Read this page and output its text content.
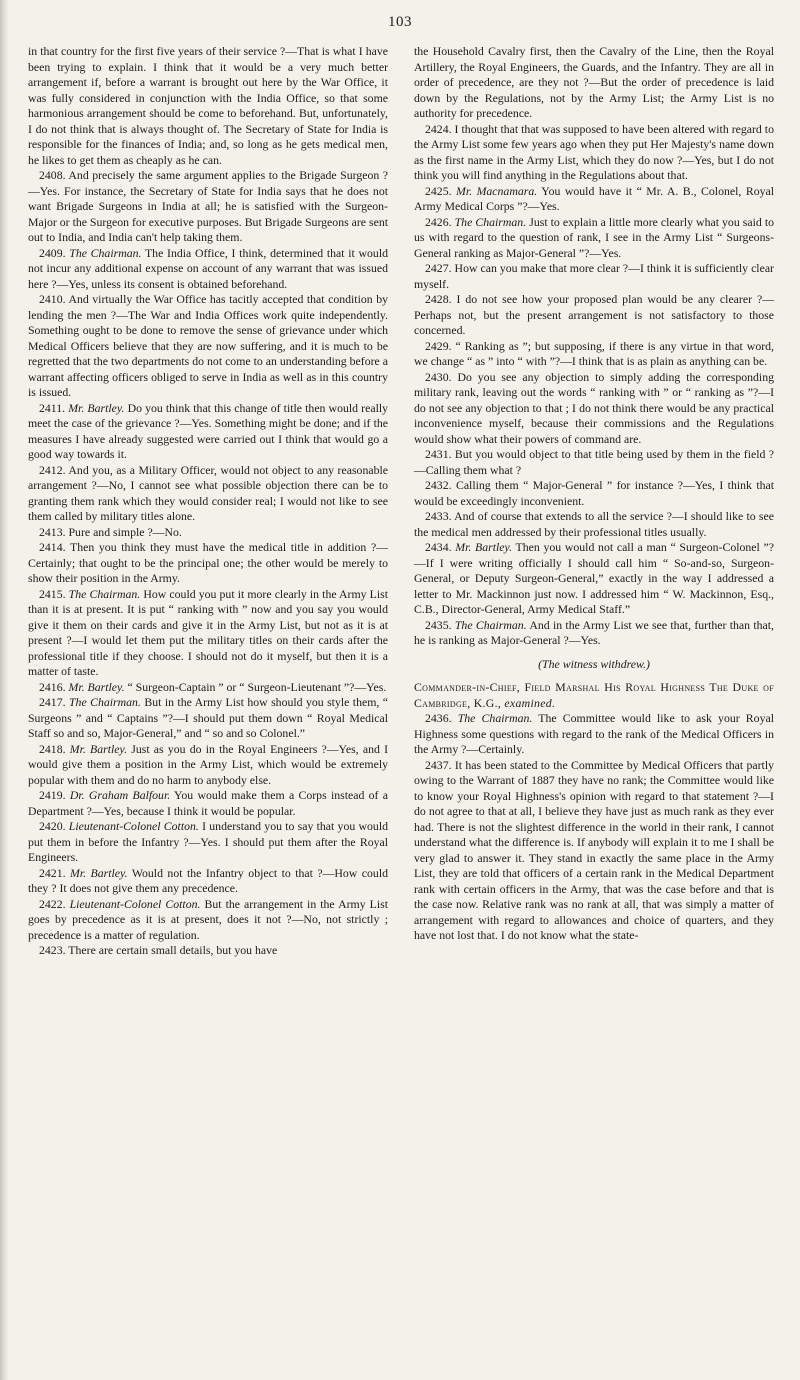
103

in that country for the first five years of their service ?—That is what I have been trying to explain. I think that it would be a very much better arrangement if, before a warrant is brought out here by the War Office, it was fully considered in conjunction with the India Office, so that some harmonious arrangement should be come to beforehand. But, unfortunately, I do not think that is always thought of. The Secretary of State for India is responsible for the finances of India; and, so long as he gets medical men, he likes to get them as cheaply as he can.

2408. And precisely the same argument applies to the Brigade Surgeon ?—Yes. For instance, the Secretary of State for India says that he does not want Brigade Surgeons in India at all; he is satisfied with the Surgeon-Major or the Surgeon for executive purposes. But Brigade Surgeons are sent out to India, and India can't help taking them.

2409. The Chairman. The India Office, I think, determined that it would not incur any additional expense on account of any warrant that was issued here ?—Yes, unless its consent is obtained beforehand.

2410. And virtually the War Office has tacitly accepted that condition by lending the men ?—The War and India Offices work quite independently. Something ought to be done to remove the sense of grievance under which Medical Officers believe that they are now suffering, and it is much to be regretted that the two departments do not come to an understanding before a warrant affecting officers obliged to serve in India as well as in this country is issued.

2411. Mr. Bartley. Do you think that this change of title then would really meet the case of the grievance ?—Yes. Something might be done; and if the measures I have already suggested were carried out I think that would go a good way towards it.

2412. And you, as a Military Officer, would not object to any reasonable arrangement ?—No, I cannot see what possible objection there can be to granting them rank which they would consider real; I would not like to see them called by military titles alone.

2413. Pure and simple ?—No.

2414. Then you think they must have the medical title in addition ?—Certainly; that ought to be the principal one; the other would be merely to show their position in the Army.

2415. The Chairman. How could you put it more clearly in the Army List than it is at present. It is put “ ranking with ” now and you say you would give it them on their cards and give it in the Army List, but not as it is at present ?—I would let them put the military titles on their cards after the professional title if they choose. I should not do it myself, but then it is a matter of taste.

2416. Mr. Bartley. “ Surgeon-Captain ” or “ Surgeon-Lieutenant ”?—Yes.

2417. The Chairman. But in the Army List how should you style them, “ Surgeons ” and “ Captains ”?—I should put them down “ Royal Medical Staff so and so, Major-General,” and “ so and so Colonel.”

2418. Mr. Bartley. Just as you do in the Royal Engineers ?—Yes, and I would give them a position in the Army List, which would be extremely popular with them and do no harm to anybody else.

2419. Dr. Graham Balfour. You would make them a Corps instead of a Department ?—Yes, because I think it would be popular.

2420. Lieutenant-Colonel Cotton. I understand you to say that you would put them in before the Infantry ?—Yes. I should put them after the Royal Engineers.

2421. Mr. Bartley. Would not the Infantry object to that ?—How could they ? It does not give them any precedence.

2422. Lieutenant-Colonel Cotton. But the arrangement in the Army List goes by precedence as it is at present, does it not ?—No, not strictly ; precedence is a matter of regulation.

2423. There are certain small details, but you have

the Household Cavalry first, then the Cavalry of the Line, then the Royal Artillery, the Royal Engineers, the Guards, and the Infantry. They are all in order of precedence, are they not ?—But the order of precedence is laid down by the Regulations, not by the Army List; the Army List is no authority for precedence.

2424. I thought that that was supposed to have been altered with regard to the Army List some few years ago when they put Her Majesty's name down as the first name in the Army List, which they do now ?—Yes, but I do not think you will find anything in the Regulations about that.

2425. Mr. Macnamara. You would have it “ Mr. A. B., Colonel, Royal Army Medical Corps ”?—Yes.

2426. The Chairman. Just to explain a little more clearly what you said to us with regard to the question of rank, I see in the Army List “ Surgeons-General ranking as Major-General ”?—Yes.

2427. How can you make that more clear ?—I think it is sufficiently clear myself.

2428. I do not see how your proposed plan would be any clearer ?—Perhaps not, but the present arrangement is not satisfactory to those concerned.

2429. “ Ranking as ”; but supposing, if there is any virtue in that word, we change “ as ” into “ with ”?—I think that is as plain as anything can be.

2430. Do you see any objection to simply adding the corresponding military rank, leaving out the words “ ranking with ” or “ ranking as ”?—I do not see any objection to that ; I do not think there would be any practical inconvenience myself, because their commissions and the Regulations would show what their powers of command are.

2431. But you would object to that title being used by them in the field ?—Calling them what ?

2432. Calling them “ Major-General ” for instance ?—Yes, I think that would be exceedingly inconvenient.

2433. And of course that extends to all the service ?—I should like to see the medical men addressed by their professional titles usually.

2434. Mr. Bartley. Then you would not call a man “ Surgeon-Colonel ”?—If I were writing officially I should call him “ So-and-so, Surgeon-General, or Deputy Surgeon-General,” exactly in the way I addressed a letter to Mr. Mackinnon just now. I addressed him “ W. Mackinnon, Esq., C.B., Director-General, Army Medical Staff.”

2435. The Chairman. And in the Army List we see that, further than that, he is ranking as Major-General ?—Yes.

(The witness withdrew.)

Commander-in-Chief, Field Marshal His Royal Highness The Duke of Cambridge, K.G., examined.

2436. The Chairman. The Committee would like to ask your Royal Highness some questions with regard to the rank of the Medical Officers in the Army ?—Certainly.

2437. It has been stated to the Committee by Medical Officers that partly owing to the Warrant of 1887 they have no rank; the Committee would like to know your Royal Highness's opinion with regard to that statement ?—I do not agree to that at all, I believe they have just as much rank as they ever had. There is not the slightest difference in the world in their rank, I cannot understand what the difference is. If anybody will explain it to me I shall be very glad to answer it. They stand in exactly the same place in the Army List, they are told that officers of a certain rank in the Medical Department rank with certain officers in the Army, that was the case before and that is the case now. Relative rank was no rank at all, that was simply a matter of arrangement with regard to allowances and choice of quarters, and they have not lost that. I do not know what the state-
